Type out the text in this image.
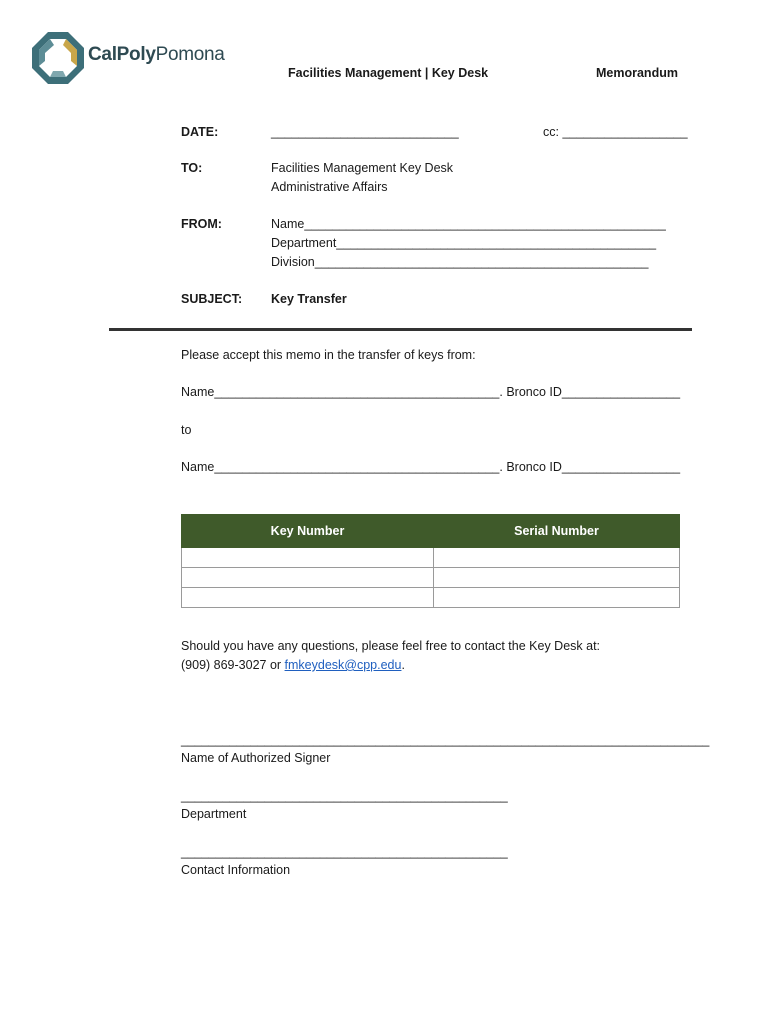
CalPolyPomona
Facilities Management | Key Desk	Memorandum
DATE:	___________________________	cc: __________________
TO:	Facilities Management Key Desk
Administrative Affairs
FROM:	Name____________________________________________________
Department______________________________________________
Division________________________________________________
SUBJECT: Key Transfer
Please accept this memo in the transfer of keys from:
Name_________________________________________. Bronco ID_________________
to
Name_________________________________________. Bronco ID_________________
Key Number	Serial Number

Should you have any questions, please feel free to contact the Key Desk at:
(909) 869-3027 or fmkeydesk@cpp.edu.
____________________________________________________________________________
Name of Authorized Signer
_______________________________________________
Department
_______________________________________________
Contact Information
